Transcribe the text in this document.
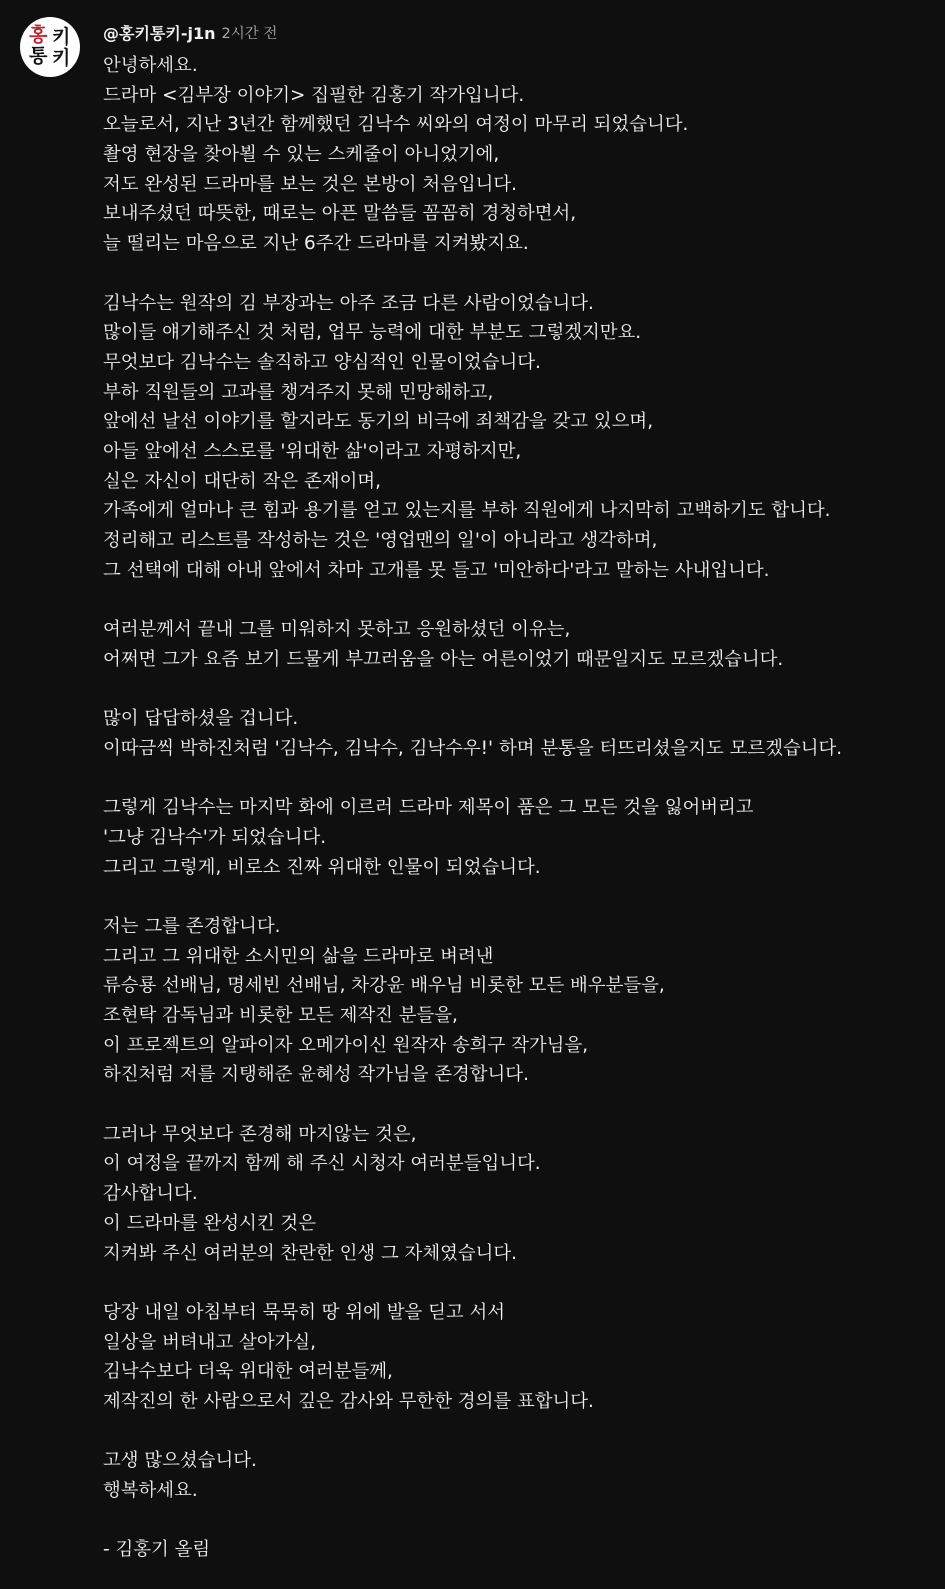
홍 키
통 키
@홍키통키-j1n 2시간 전
안녕하세요.
드라마 <김부장 이야기> 집필한 김홍기 작가입니다.
오늘로서, 지난 3년간 함께했던 김낙수 씨와의 여정이 마무리 되었습니다.
촬영 현장을 찾아뵐 수 있는 스케줄이 아니었기에,
저도 완성된 드라마를 보는 것은 본방이 처음입니다.
보내주셨던 따뜻한, 때로는 아픈 말씀들 꼼꼼히 경청하면서,
늘 떨리는 마음으로 지난 6주간 드라마를 지켜봤지요.
김낙수는 원작의 김 부장과는 아주 조금 다른 사람이었습니다.
많이들 얘기해주신 것 처럼, 업무 능력에 대한 부분도 그렇겠지만요.
무엇보다 김낙수는 솔직하고 양심적인 인물이었습니다.
부하 직원들의 고과를 챙겨주지 못해 민망해하고,
앞에선 날선 이야기를 할지라도 동기의 비극에 죄책감을 갖고 있으며,
아들 앞에선 스스로를 '위대한 삶'이라고 자평하지만,
실은 자신이 대단히 작은 존재이며,
가족에게 얼마나 큰 힘과 용기를 얻고 있는지를 부하 직원에게 나지막히 고백하기도 합니다.
정리해고 리스트를 작성하는 것은 '영업맨의 일'이 아니라고 생각하며,
그 선택에 대해 아내 앞에서 차마 고개를 못 들고 '미안하다'라고 말하는 사내입니다.
여러분께서 끝내 그를 미워하지 못하고 응원하셨던 이유는,
어쩌면 그가 요즘 보기 드물게 부끄러움을 아는 어른이었기 때문일지도 모르겠습니다.
많이 답답하셨을 겁니다.
이따금씩 박하진처럼 '김낙수, 김낙수, 김낙수우!' 하며 분통을 터뜨리셨을지도 모르겠습니다.
그렇게 김낙수는 마지막 화에 이르러 드라마 제목이 품은 그 모든 것을 잃어버리고
'그냥 김낙수'가 되었습니다.
그리고 그렇게, 비로소 진짜 위대한 인물이 되었습니다.
저는 그를 존경합니다.
그리고 그 위대한 소시민의 삶을 드라마로 벼려낸
류승룡 선배님, 명세빈 선배님, 차강윤 배우님 비롯한 모든 배우분들을,
조현탁 감독님과 비롯한 모든 제작진 분들을,
이 프로젝트의 알파이자 오메가이신 원작자 송희구 작가님을,
하진처럼 저를 지탱해준 윤혜성 작가님을 존경합니다.
그러나 무엇보다 존경해 마지않는 것은,
이 여정을 끝까지 함께 해 주신 시청자 여러분들입니다.
감사합니다.
이 드라마를 완성시킨 것은
지켜봐 주신 여러분의 찬란한 인생 그 자체였습니다.
당장 내일 아침부터 묵묵히 땅 위에 발을 딛고 서서
일상을 버텨내고 살아가실,
김낙수보다 더욱 위대한 여러분들께,
제작진의 한 사람으로서 깊은 감사와 무한한 경의를 표합니다.
고생 많으셨습니다.
행복하세요.
- 김홍기 올림
